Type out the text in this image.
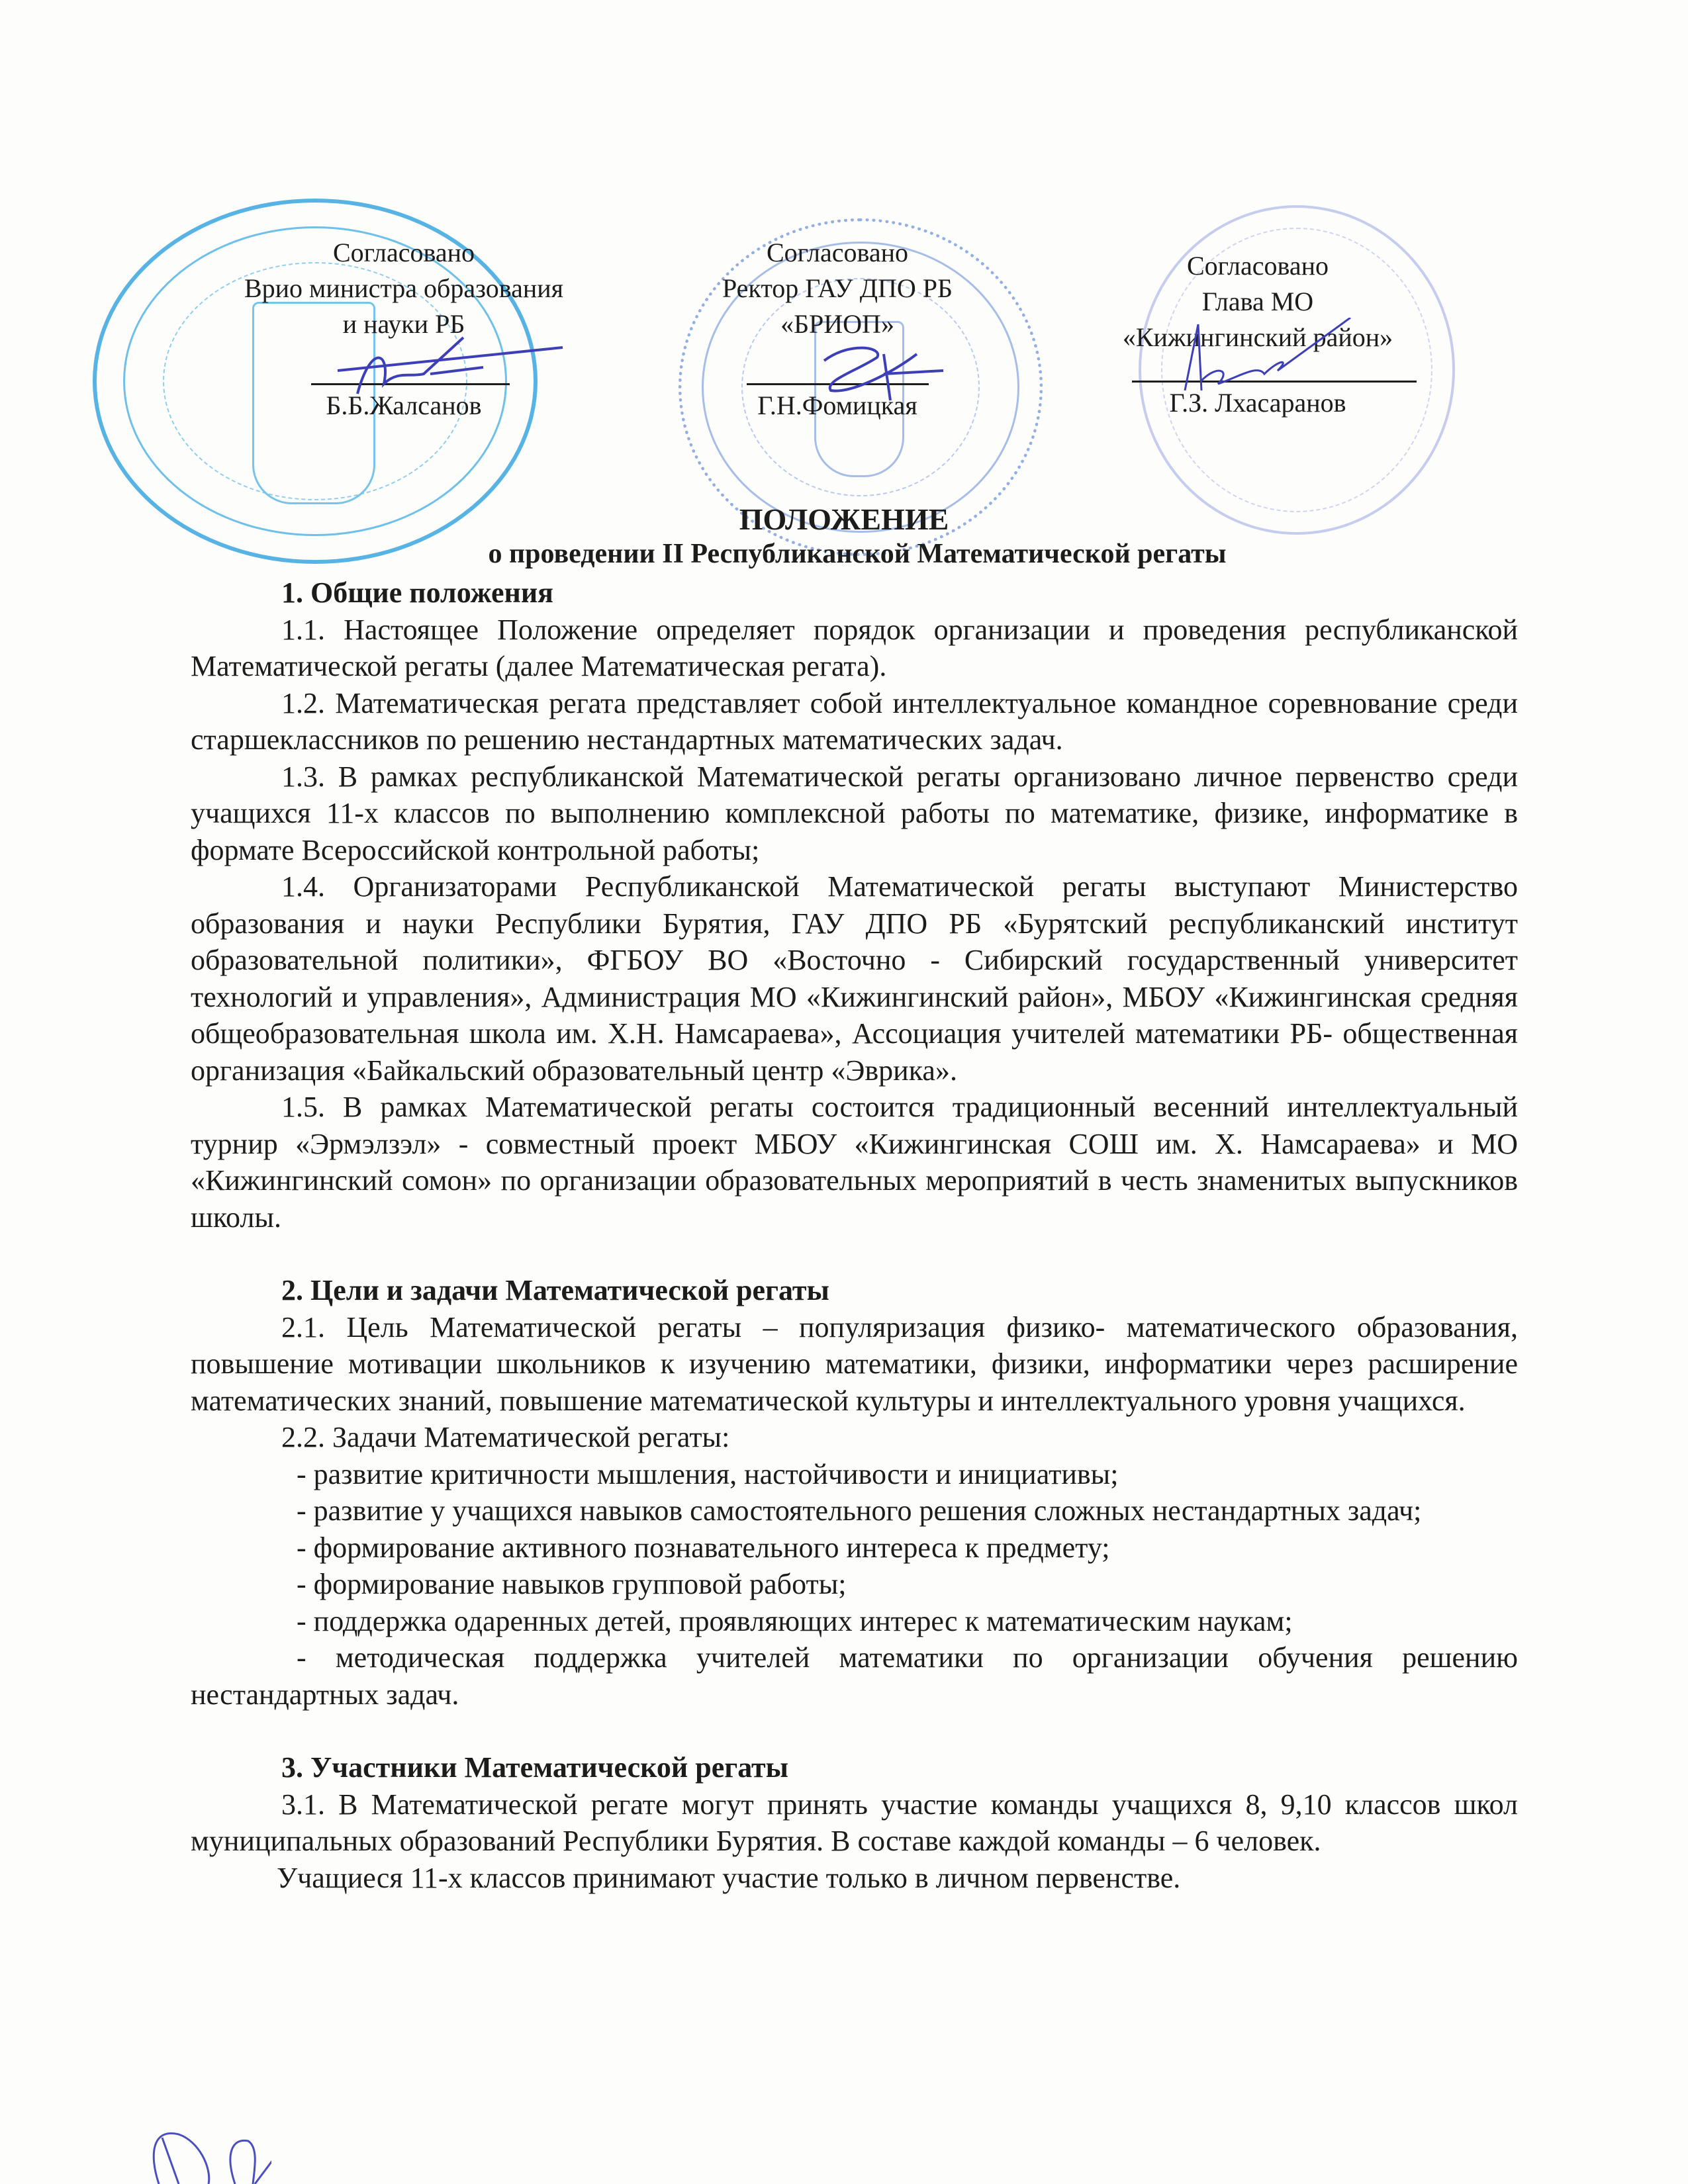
Согласовано
Врио министра образования
и науки РБ
Б.Б.Жалсанов
Согласовано
Ректор ГАУ ДПО РБ
«БРИОП»
Г.Н.Фомицкая
Согласовано
Глава МО
«Кижингинский район»
Г.З. Лхасаранов
ПОЛОЖЕНИЕ
о проведении II Республиканской Математической регаты
1. Общие положения

1.1. Настоящее Положение определяет порядок организации и проведения республиканской Математической регаты (далее Математическая регата).

1.2. Математическая регата представляет собой интеллектуальное командное соревнование среди старшеклассников по решению нестандартных математических задач.

1.3. В рамках республиканской Математической регаты организовано личное первенство среди учащихся 11-х классов по выполнению комплексной работы по математике, физике, информатике в формате Всероссийской контрольной работы;

1.4. Организаторами Республиканской Математической регаты выступают Министерство образования и науки Республики Бурятия, ГАУ ДПО РБ «Бурятский республиканский институт образовательной политики», ФГБОУ ВО «Восточно - Сибирский государственный университет технологий и управления», Администрация МО «Кижингинский район», МБОУ «Кижингинская средняя общеобразовательная школа им. Х.Н. Намсараева», Ассоциация учителей математики РБ- общественная организация «Байкальский образовательный центр «Эврика».

1.5. В рамках Математической регаты состоится традиционный весенний интеллектуальный турнир «Эрмэлзэл» - совместный проект МБОУ «Кижингинская СОШ им. Х. Намсараева» и МО «Кижингинский сомон» по организации образовательных мероприятий в честь знаменитых выпускников школы.

2. Цели и задачи Математической регаты

2.1. Цель Математической регаты – популяризация физико- математического образования, повышение мотивации школьников к изучению математики, физики, информатики через расширение математических знаний, повышение математической культуры и интеллектуального уровня учащихся.

2.2. Задачи Математической регаты:

- развитие критичности мышления, настойчивости и инициативы;

- развитие у учащихся навыков самостоятельного решения сложных нестандартных задач;

- формирование активного познавательного интереса к предмету;

- формирование навыков групповой работы;

- поддержка одаренных детей, проявляющих интерес к математическим наукам;

- методическая поддержка учителей математики по организации обучения решению нестандартных задач.

3. Участники Математической регаты

3.1. В Математической регате могут принять участие команды учащихся 8, 9,10 классов школ муниципальных образований Республики Бурятия. В составе каждой команды – 6 человек.

Учащиеся 11-х классов принимают участие только в личном первенстве.
